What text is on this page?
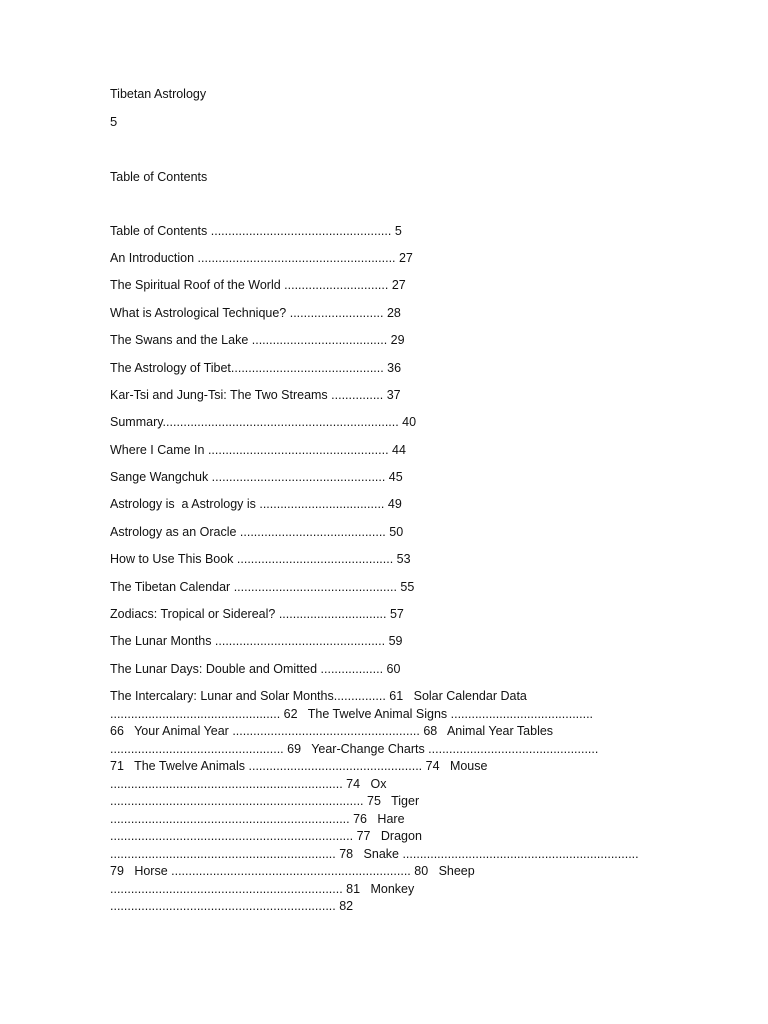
Tibetan Astrology
5
Table of Contents
Table of Contents .................................................... 5
An Introduction ......................................................... 27
The Spiritual Roof of the World .............................. 27
What is Astrological Technique? ........................... 28
The Swans and the Lake ....................................... 29
The Astrology of Tibet............................................ 36
Kar-Tsi and Jung-Tsi: The Two Streams ............... 37
Summary.................................................................... 40
Where I Came In .................................................... 44
Sange Wangchuk .................................................. 45
Astrology is  a Astrology is .................................... 49
Astrology as an Oracle .......................................... 50
How to Use This Book ............................................. 53
The Tibetan Calendar ............................................... 55
Zodiacs: Tropical or Sidereal? ............................... 57
The Lunar Months ................................................. 59
The Lunar Days: Double and Omitted .................. 60
The Intercalary: Lunar and Solar Months............... 61   Solar Calendar Data
................................................. 62   The Twelve Animal Signs .........................................
66   Your Animal Year ...................................................... 68   Animal Year Tables
.................................................. 69   Year-Change Charts .................................................
71   The Twelve Animals .................................................. 74   Mouse
................................................................... 74   Ox
......................................................................... 75   Tiger
..................................................................... 76   Hare
...................................................................... 77   Dragon
................................................................. 78   Snake ....................................................................
79   Horse ..................................................................... 80   Sheep
................................................................... 81   Monkey
................................................................. 82
